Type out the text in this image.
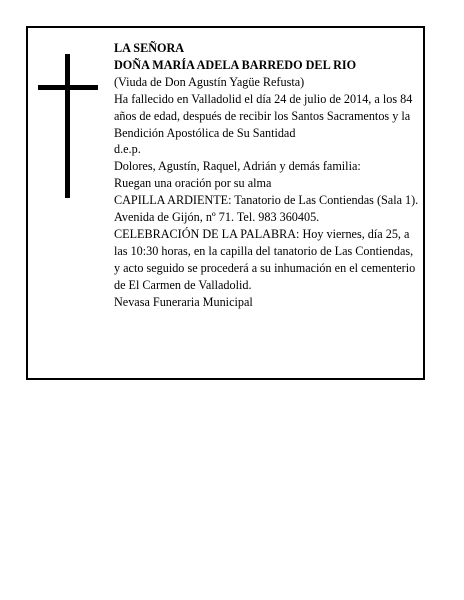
LA SEÑORA

DOÑA MARÍA ADELA BARREDO DEL RIO

(Viuda de Don Agustín Yagüe Refusta)

Ha fallecido en Valladolid el día 24 de julio de 2014, a los 84 años de edad, después de recibir los Santos Sacramentos y la Bendición Apostólica de Su Santidad

d.e.p.

Dolores, Agustín, Raquel, Adrián y demás familia:

Ruegan una oración por su alma

CAPILLA ARDIENTE: Tanatorio de Las Contiendas (Sala 1). Avenida de Gijón, nº 71. Tel. 983 360405.

CELEBRACIÓN DE LA PALABRA: Hoy viernes, día 25, a las 10:30 horas, en la capilla del tanatorio de Las Contiendas, y acto seguido se procederá a su inhumación en el cementerio de El Carmen de Valladolid.

Nevasa Funeraria Municipal
